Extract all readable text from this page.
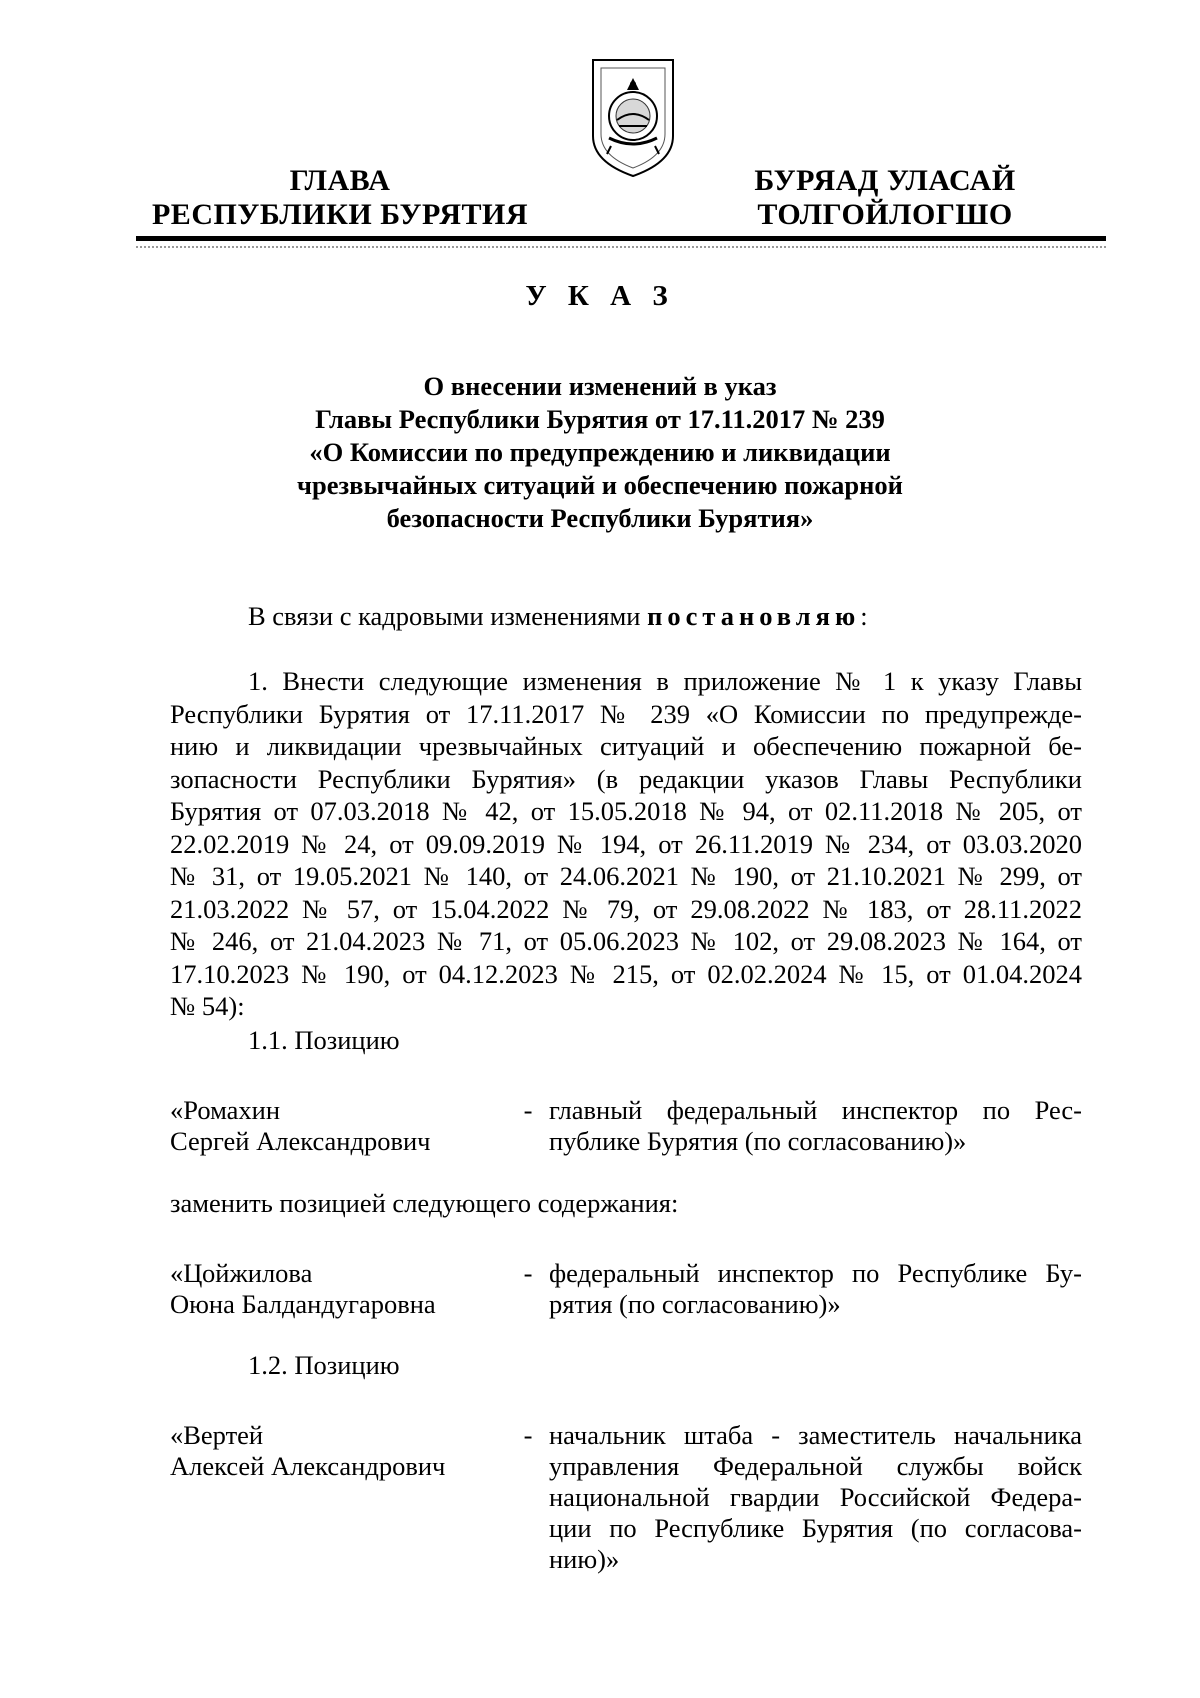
ГЛАВА
РЕСПУБЛИКИ БУРЯТИЯ
БУРЯАД УЛАСАЙ
ТОЛГОЙЛОГШО
У К А З
О внесении изменений в указ
Главы Республики Бурятия от 17.11.2017 № 239
«О Комиссии по предупреждению и ликвидации
чрезвычайных ситуаций и обеспечению пожарной
безопасности Республики Бурятия»
В связи с кадровыми изменениями постановляю:
1. Внести следующие изменения в приложение № 1 к указу Главы
Республики Бурятия от 17.11.2017 № 239 «О Комиссии по предупрежде-
нию и ликвидации чрезвычайных ситуаций и обеспечению пожарной бе-
зопасности Республики Бурятия» (в редакции указов Главы Республики
Бурятия от 07.03.2018 № 42, от 15.05.2018 № 94, от 02.11.2018 № 205, от
22.02.2019 № 24, от 09.09.2019 № 194, от 26.11.2019 № 234, от 03.03.2020
№ 31, от 19.05.2021 № 140, от 24.06.2021 № 190, от 21.10.2021 № 299, от
21.03.2022 № 57, от 15.04.2022 № 79, от 29.08.2022 № 183, от 28.11.2022
№ 246, от 21.04.2023 № 71, от 05.06.2023 № 102, от 29.08.2023 № 164, от
17.10.2023 № 190, от 04.12.2023 № 215, от 02.02.2024 № 15, от 01.04.2024
№ 54):
1.1. Позицию
«Ромахин
Сергей Александрович
- главный федеральный инспектор по Рес-
публике Бурятия (по согласованию)»
заменить позицией следующего содержания:
«Цойжилова
Оюна Балдандугаровна
- федеральный инспектор по Республике Бу-
рятия (по согласованию)»
1.2. Позицию
«Вертей
Алексей Александрович
- начальник штаба - заместитель начальника
управления Федеральной службы войск
национальной гвардии Российской Федера-
ции по Республике Бурятия (по согласова-
нию)»
